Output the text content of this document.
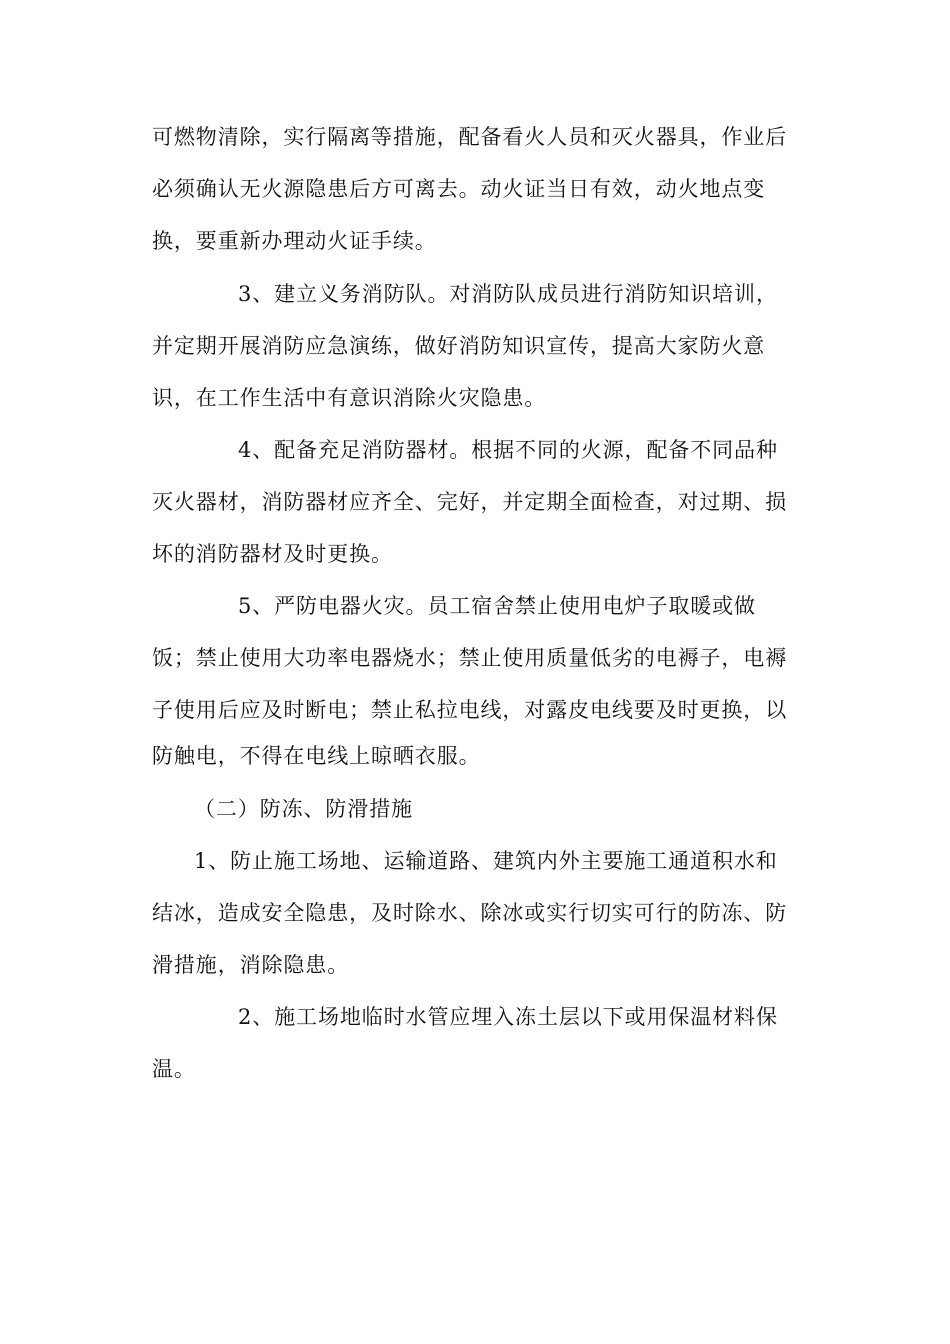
可燃物清除，实行隔离等措施，配备看火人员和灭火器具，作业后
必须确认无火源隐患后方可离去。动火证当日有效，动火地点变
换，要重新办理动火证手续。
3、建立义务消防队。对消防队成员进行消防知识培训，
并定期开展消防应急演练，做好消防知识宣传，提高大家防火意
识，在工作生活中有意识消除火灾隐患。
4、配备充足消防器材。根据不同的火源，配备不同品种
灭火器材，消防器材应齐全、完好，并定期全面检查，对过期、损
坏的消防器材及时更换。
5、严防电器火灾。员工宿舍禁止使用电炉子取暖或做
饭；禁止使用大功率电器烧水；禁止使用质量低劣的电褥子，电褥
子使用后应及时断电；禁止私拉电线，对露皮电线要及时更换，以
防触电，不得在电线上晾晒衣服。
（二）防冻、防滑措施
1、防止施工场地、运输道路、建筑内外主要施工通道积水和
结冰，造成安全隐患，及时除水、除冰或实行切实可行的防冻、防
滑措施，消除隐患。
2、施工场地临时水管应埋入冻土层以下或用保温材料保
温。
